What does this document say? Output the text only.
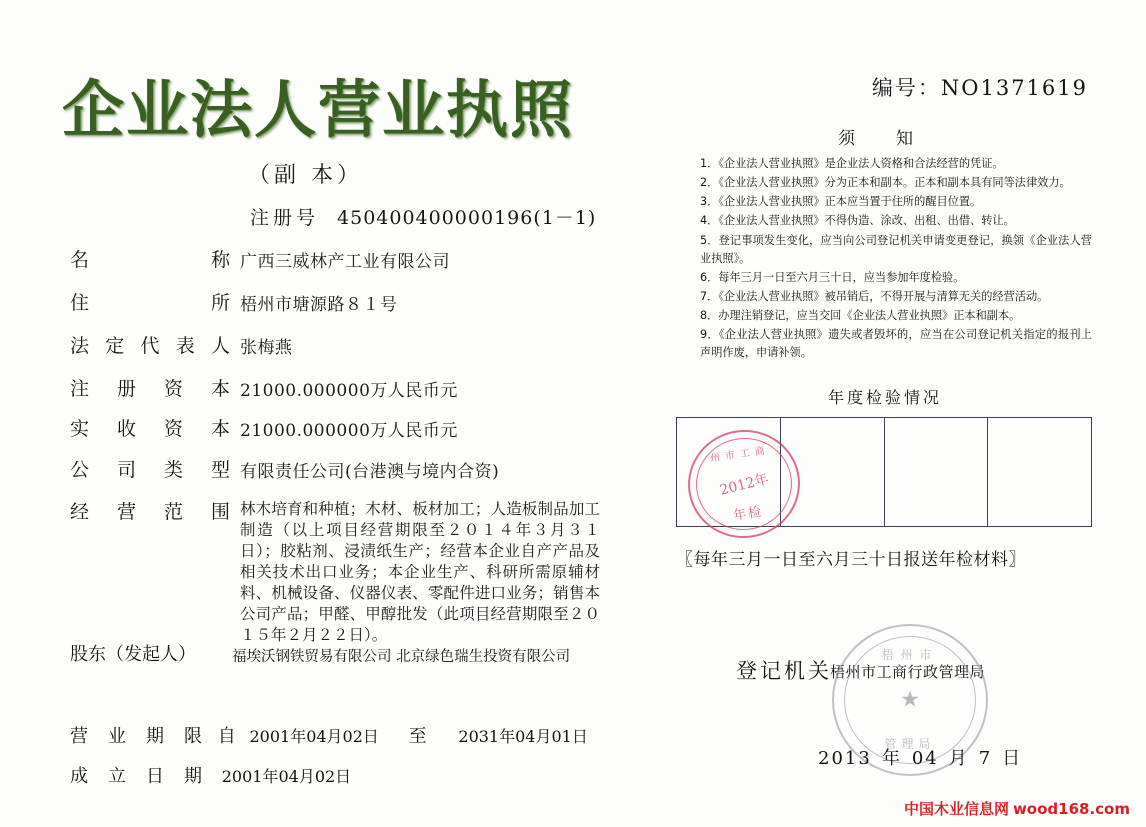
企业法人营业执照
（副 本）
注册号 450400400000196(1－1)
编号：NO1371619
名称 广西三威林产工业有限公司
住所 梧州市塘源路８１号
法定代表人 张梅燕
注册资本 21000.000000万人民币元
实收资本 21000.000000万人民币元
公司类型 有限责任公司(台港澳与境内合资)
经营范围 林木培育和种植；木材、板材加工；人造板制品加工制造（以上项目经营期限至２０１４年３月３１日）；胶粘剂、浸渍纸生产；经营本企业自产产品及相关技术出口业务；本企业生产、科研所需原辅材料、机械设备、仪器仪表、零配件进口业务；销售本公司产品；甲醛、甲醇批发（此项目经营期限至２０１５年２月２２日）。
股东（发起人） 福埃沃钢铁贸易有限公司 北京绿色瑞生投资有限公司
营业期限 自 2001年04月02日 至 2031年04月01日
成立日期 2001年04月02日
须　知
1．《企业法人营业执照》是企业法人资格和合法经营的凭证。
2．《企业法人营业执照》分为正本和副本。正本和副本具有同等法律效力。
3．《企业法人营业执照》正本应当置于住所的醒目位置。
4．《企业法人营业执照》不得伪造、涂改、出租、出借、转让。
5．登记事项发生变化，应当向公司登记机关申请变更登记，换领《企业法人营业执照》。
6．每年三月一日至六月三十日，应当参加年度检验。
7．《企业法人营业执照》被吊销后，不得开展与清算无关的经营活动。
8．办理注销登记，应当交回《企业法人营业执照》正本和副本。
9．《企业法人营业执照》遗失或者毁坏的，应当在公司登记机关指定的报刊上声明作废，申请补领。
年度检验情况
〖每年三月一日至六月三十日报送年检材料〗
州市工商
2012年
年检
登记机关
梧州市工商行政管理局
梧州市
★
管理局
2013 年 04 月 7 日
中国木业信息网 wood168.com
